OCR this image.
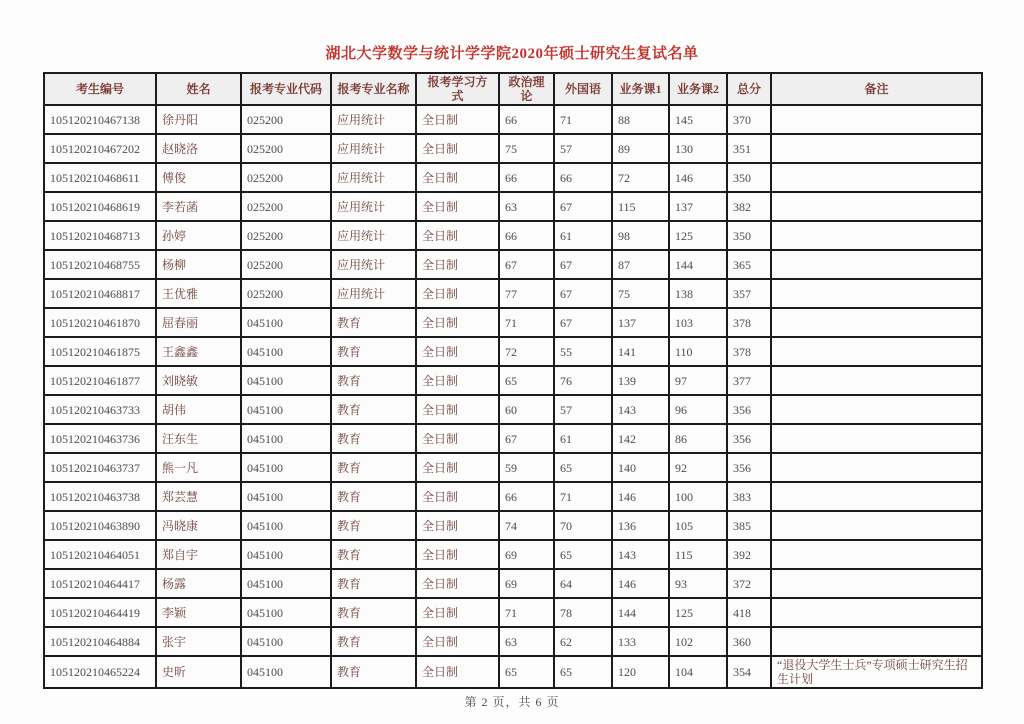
湖北大学数学与统计学学院2020年硕士研究生复试名单
考生编号	姓名	报考专业代码	报考专业名称	报考学习方式	政治理论	外国语	业务课1	业务课2	总分	备注
105120210467138	徐丹阳	025200	应用统计	全日制	66	71	88	145	370	
105120210467202	赵晓洛	025200	应用统计	全日制	75	57	89	130	351	
105120210468611	傅俊	025200	应用统计	全日制	66	66	72	146	350	
105120210468619	李若菡	025200	应用统计	全日制	63	67	115	137	382	
105120210468713	孙婷	025200	应用统计	全日制	66	61	98	125	350	
105120210468755	杨柳	025200	应用统计	全日制	67	67	87	144	365	
105120210468817	王优雅	025200	应用统计	全日制	77	67	75	138	357	
105120210461870	屈春丽	045100	教育	全日制	71	67	137	103	378	
105120210461875	王鑫鑫	045100	教育	全日制	72	55	141	110	378	
105120210461877	刘晓敏	045100	教育	全日制	65	76	139	97	377	
105120210463733	胡伟	045100	教育	全日制	60	57	143	96	356	
105120210463736	汪东生	045100	教育	全日制	67	61	142	86	356	
105120210463737	熊一凡	045100	教育	全日制	59	65	140	92	356	
105120210463738	郑芸慧	045100	教育	全日制	66	71	146	100	383	
105120210463890	冯晓康	045100	教育	全日制	74	70	136	105	385	
105120210464051	郑自宇	045100	教育	全日制	69	65	143	115	392	
105120210464417	杨露	045100	教育	全日制	69	64	146	93	372	
105120210464419	李颖	045100	教育	全日制	71	78	144	125	418	
105120210464884	张宇	045100	教育	全日制	63	62	133	102	360	
105120210465224	史昕	045100	教育	全日制	65	65	120	104	354	“退役大学生士兵”专项硕士研究生招生计划
第 2 页，共 6 页
